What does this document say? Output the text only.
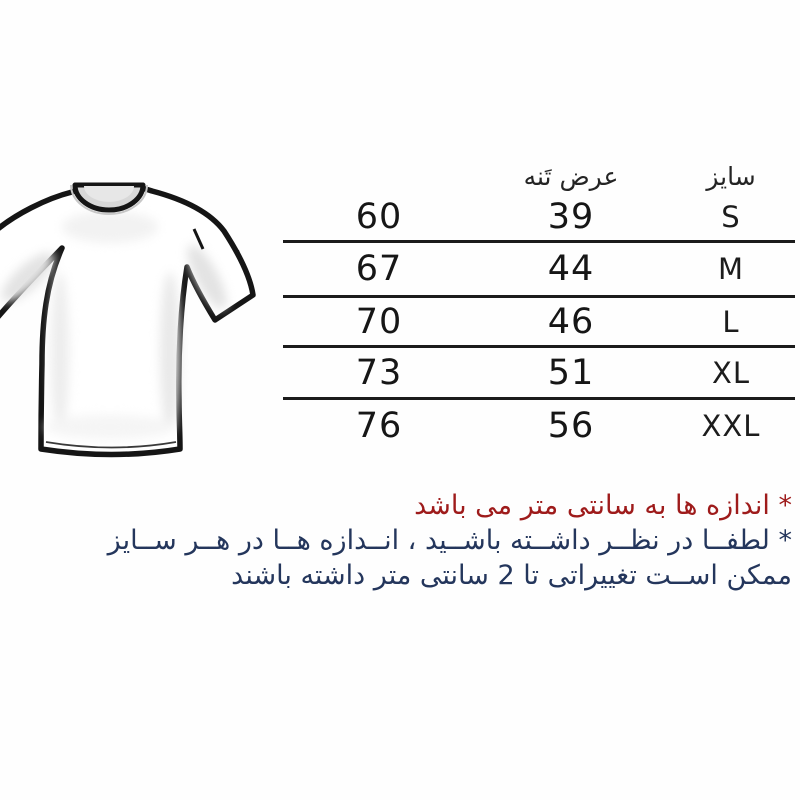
سایز
عرض تَنه
S
39
60
M
44
67
L
46
70
XL
51
73
XXL
56
76
* اندازه ها به سانتی متر می باشد
* لطفــا در نظــر داشــته باشــید ، انــدازه هــا در هــر ســایز
ممکن اســت تغییراتی تا 2 سانتی متر داشته باشند
